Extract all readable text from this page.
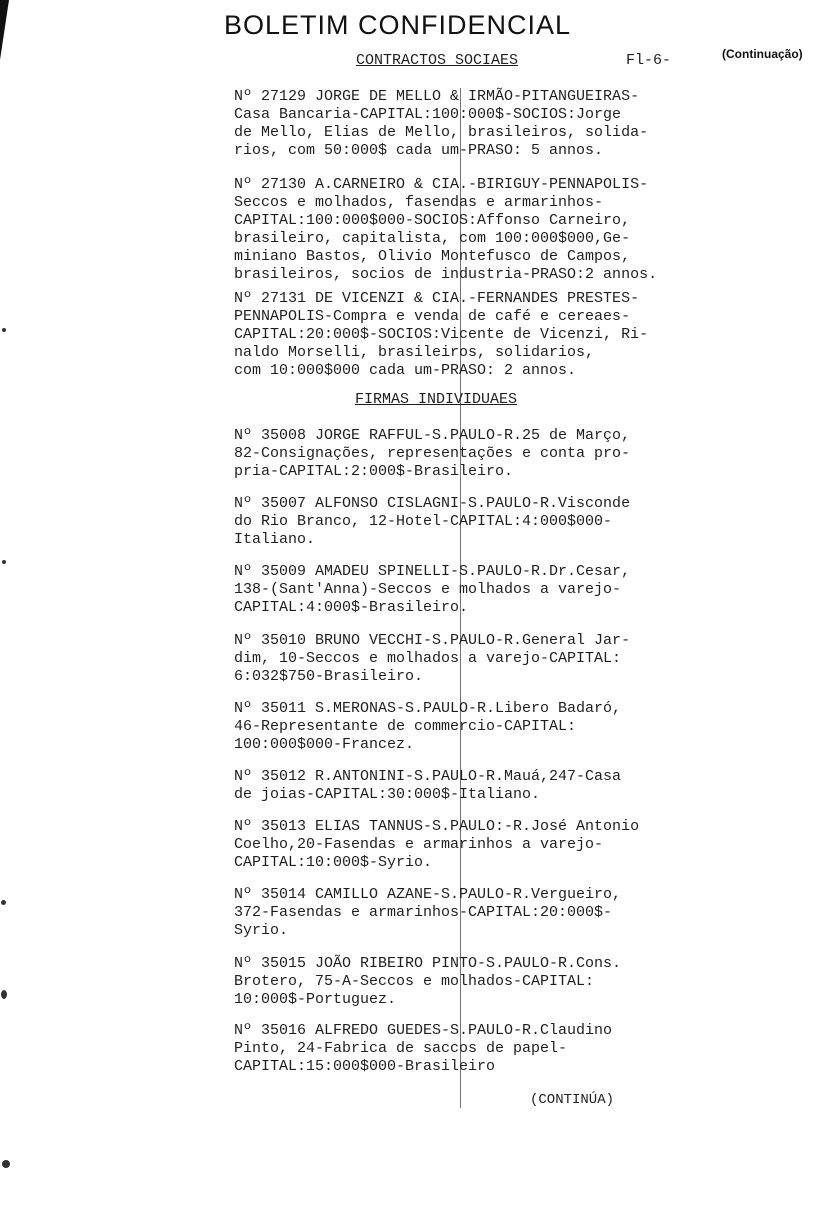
BOLETIM CONFIDENCIAL
(Continuação)
CONTRACTOS SOCIAES	Fl-6-
Nº 27129 JORGE DE MELLO & IRMÃO-PITANGUEIRAS-
Casa Bancaria-CAPITAL:100:000$-SOCIOS:Jorge
de Mello, Elias de Mello, brasileiros, solida-
rios, com 50:000$ cada um-PRASO: 5 annos.
Nº 27130 A.CARNEIRO & CIA.-BIRIGUY-PENNAPOLIS-
Seccos e molhados, fasendas e armarinhos-
CAPITAL:100:000$000-SOCIOS:Affonso Carneiro,
brasileiro, capitalista, com 100:000$000,Ge-
miniano Bastos, Olivio Montefusco de Campos,
brasileiros, socios de industria-PRASO:2 annos.
Nº 27131 DE VICENZI & CIA.-FERNANDES PRESTES-
PENNAPOLIS-Compra e venda de café e cereaes-
CAPITAL:20:000$-SOCIOS:Vicente de Vicenzi, Ri-
naldo Morselli, brasileiros, solidarios,
com 10:000$000 cada um-PRASO: 2 annos.
FIRMAS INDIVIDUAES
Nº 35008 JORGE RAFFUL-S.PAULO-R.25 de Março,
82-Consignações, representações e conta pro-
pria-CAPITAL:2:000$-Brasileiro.
Nº 35007 ALFONSO CISLAGNI-S.PAULO-R.Visconde
do Rio Branco, 12-Hotel-CAPITAL:4:000$000-
Italiano.
Nº 35009 AMADEU SPINELLI-S.PAULO-R.Dr.Cesar,
138-(Sant'Anna)-Seccos e molhados a varejo-
CAPITAL:4:000$-Brasileiro.
Nº 35010 BRUNO VECCHI-S.PAULO-R.General Jar-
dim, 10-Seccos e molhados a varejo-CAPITAL:
6:032$750-Brasileiro.
Nº 35011 S.MERONAS-S.PAULO-R.Libero Badaró,
46-Representante de commercio-CAPITAL:
100:000$000-Francez.
Nº 35012 R.ANTONINI-S.PAULO-R.Mauá,247-Casa
de joias-CAPITAL:30:000$-Italiano.
Nº 35013 ELIAS TANNUS-S.PAULO:-R.José Antonio
Coelho,20-Fasendas e armarinhos a varejo-
CAPITAL:10:000$-Syrio.
Nº 35014 CAMILLO AZANE-S.PAULO-R.Vergueiro,
372-Fasendas e armarinhos-CAPITAL:20:000$-
Syrio.
Nº 35015 JOÃO RIBEIRO PINTO-S.PAULO-R.Cons.
Brotero, 75-A-Seccos e molhados-CAPITAL:
10:000$-Portuguez.
Nº 35016 ALFREDO GUEDES-S.PAULO-R.Claudino
Pinto, 24-Fabrica de saccos de papel-
CAPITAL:15:000$000-Brasileiro
(CONTINÚA)
